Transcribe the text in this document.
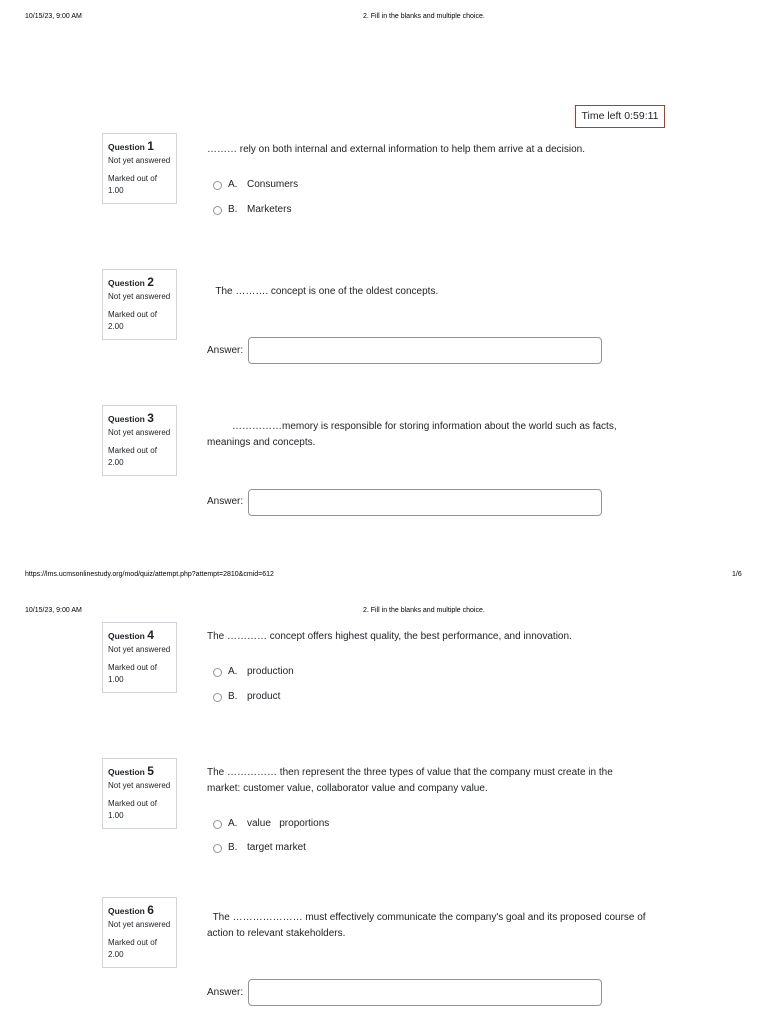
10/15/23, 9:00 AM	2. Fill in the blanks and multiple choice.
Time left 0:59:11
Question 1
Not yet answered
Marked out of 1.00
……… rely on both internal and external information to help them arrive at a decision.
A. Consumers
B. Marketers
Question 2
Not yet answered
Marked out of 2.00
The ………. concept is one of the oldest concepts.
Answer:
Question 3
Not yet answered
Marked out of 2.00
……………memory is responsible for storing information about the world such as facts, meanings and concepts.
Answer:
https://lms.ucmsonlinestudy.org/mod/quiz/attempt.php?attempt=2810&cmid=612	1/6
10/15/23, 9:00 AM	2. Fill in the blanks and multiple choice.
Question 4
Not yet answered
Marked out of 1.00
The ………… concept offers highest quality, the best performance, and innovation.
A. production
B. product
Question 5
Not yet answered
Marked out of 1.00
The …………… then represent the three types of value that the company must create in the market: customer value, collaborator value and company value.
A. value   proportions
B. target market
Question 6
Not yet answered
Marked out of 2.00
The ………………… must effectively communicate the company's goal and its proposed course of action to relevant stakeholders.
Answer:
